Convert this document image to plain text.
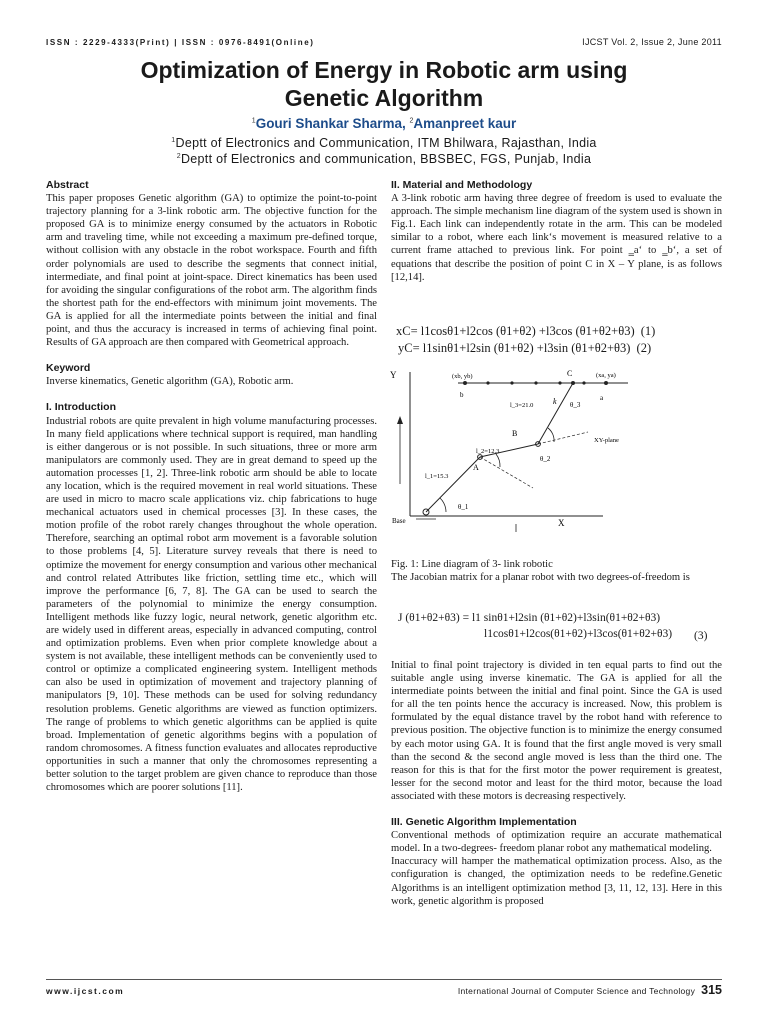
ISSN : 2229-4333(Print) | ISSN : 0976-8491(Online)	IJCST Vol. 2, Issue 2, June 2011
Optimization of Energy in Robotic arm using
Genetic Algorithm
$^1$Gouri Shankar Sharma, $^2$Amanpreet kaur
$^1$Deptt of Electronics and Communication, ITM Bhilwara, Rajasthan, India
$^2$Deptt of Electronics and communication, BBSBEC, FGS, Punjab, India

Abstract

This paper proposes Genetic algorithm (GA) to optimize the point-to-point trajectory planning for a 3-link robotic arm. The objective function for the proposed GA is to minimize energy consumed by the actuators in Robotic arm and traveling time, while not exceeding a maximum pre-defined torque, without collision with any obstacle in the robot workspace. Fourth and fifth order polynomials are used to describe the segments that connect initial, intermediate, and final point at joint-space. Direct kinematics has been used for avoiding the singular configurations of the robot arm. The algorithm finds the shortest path for the end-effectors with minimum joint movements. The GA is applied for all the intermediate points between the initial and final point, and thus the accuracy is increased in terms of achieving final point. Results of GA approach are then compared with Geometrical approach.

Keyword

Inverse kinematics, Genetic algorithm (GA), Robotic arm.

I. Introduction

Industrial robots are quite prevalent in high volume manufacturing processes. In many field applications where technical support is required, man handling is either dangerous or is not possible. In such situations, three or more arm manipulators are commonly used. They are in great demand to speed up the automation processes [1, 2]. Three-link robotic arm should be able to locate any location, which is the required movement in real world situations. These are used in micro to macro scale applications viz. chip fabrications to huge mechanical actuators used in chemical processes [3]. In these cases, the motion profile of the robot rarely changes throughout the whole operation. Therefore, searching an optimal robot arm movement is a favorable solution to those problems [4, 5]. Literature survey reveals that there is need to optimize the movement for energy consumption and various other mechanical and control related Attributes like friction, settling time etc., which will improve the performance [6, 7, 8]. The GA can be used to search the parameters of the polynomial to minimize the energy consumption. Intelligent methods like fuzzy logic, neural network, genetic algorithm etc. are widely used in different areas, especially in advanced computing, control and optimization problems. Even when prior complete knowledge about a system is not available, these intelligent methods can be conveniently used to control or optimize a complicated engineering system. Intelligent methods can also be used in optimization of movement and trajectory planning of manipulators [9, 10]. These methods can be used for solving redundancy resolution problems. Genetic algorithms are viewed as function optimizers. The range of problems to which genetic algorithms can be applied is quite broad. Implementation of genetic algorithms begins with a population of random chromosomes. A fitness function evaluates and allocates reproductive opportunities in such a manner that only the chromosomes representing a better solution to the target problem are given chance to reproduce than those chromosomes which are poorer solutions [11].

II. Material and Methodology

A 3-link robotic arm having three degree of freedom is used to evaluate the approach. The simple mechanism line diagram of the system used is shown in Fig.1. Each link can independently rotate in the arm. This can be modeled similar to a robot, where each link‘s movement is measured relative to a current frame attached to previous link. For point ‗a‘ to ‗b‘, a set of equations that describe the position of point C in X – Y plane, is as follows [12,14].

xC= l1cosθ1+l2cos (θ1+θ2) +l3cos (θ1+θ2+θ3) (1)
yC= l1sinθ1+l2sin (θ1+θ2) +l3sin (θ1+θ2+θ3) (2)
Y
X
Base
(xb, yb)	(xa, ya)
b	a
C
B
A
l_3=21.0
l_2=12.3
l_1=15.3
θ_1
θ_2
θ_3
k
XY-plane

Fig. 1: Line diagram of 3- link robotic

The Jacobian matrix for a planar robot with two degrees-of-freedom is

J (θ1+θ2+θ3) = l1 sinθ1+l2sin (θ1+θ2)+l3sin(θ1+θ2+θ3)
l1cosθ1+l2cos(θ1+θ2)+l3cos(θ1+θ2+θ3) (3)

Initial to final point trajectory is divided in ten equal parts to find out the suitable angle using inverse kinematic. The GA is applied for all the intermediate points between the initial and final point. Since the GA is used for all the ten points hence the accuracy is increased. Now, this problem is formulated by the equal distance travel by the robot hand with reference to previous position. The objective function is to minimize the energy consumed by each motor using GA. It is found that the first angle moved is very small than the second & the second angle moved is less than the third one. The reason for this is that for the first motor the power requirement is greatest, lesser for the second motor and least for the third motor, because the load associated with these motors is decreasing respectively.

III. Genetic Algorithm Implementation

Conventional methods of optimization require an accurate mathematical model. In a two-degrees- freedom planar robot any mathematical modeling.

Inaccuracy will hamper the mathematical optimization process. Also, as the configuration is changed, the optimization needs to be redefine.Genetic Algorithms is an intelligent optimization method [3, 11, 12, 13]. Here in this work, genetic algorithm is proposed

www.ijcst.com	International Journal of Computer Science and Technology 315
